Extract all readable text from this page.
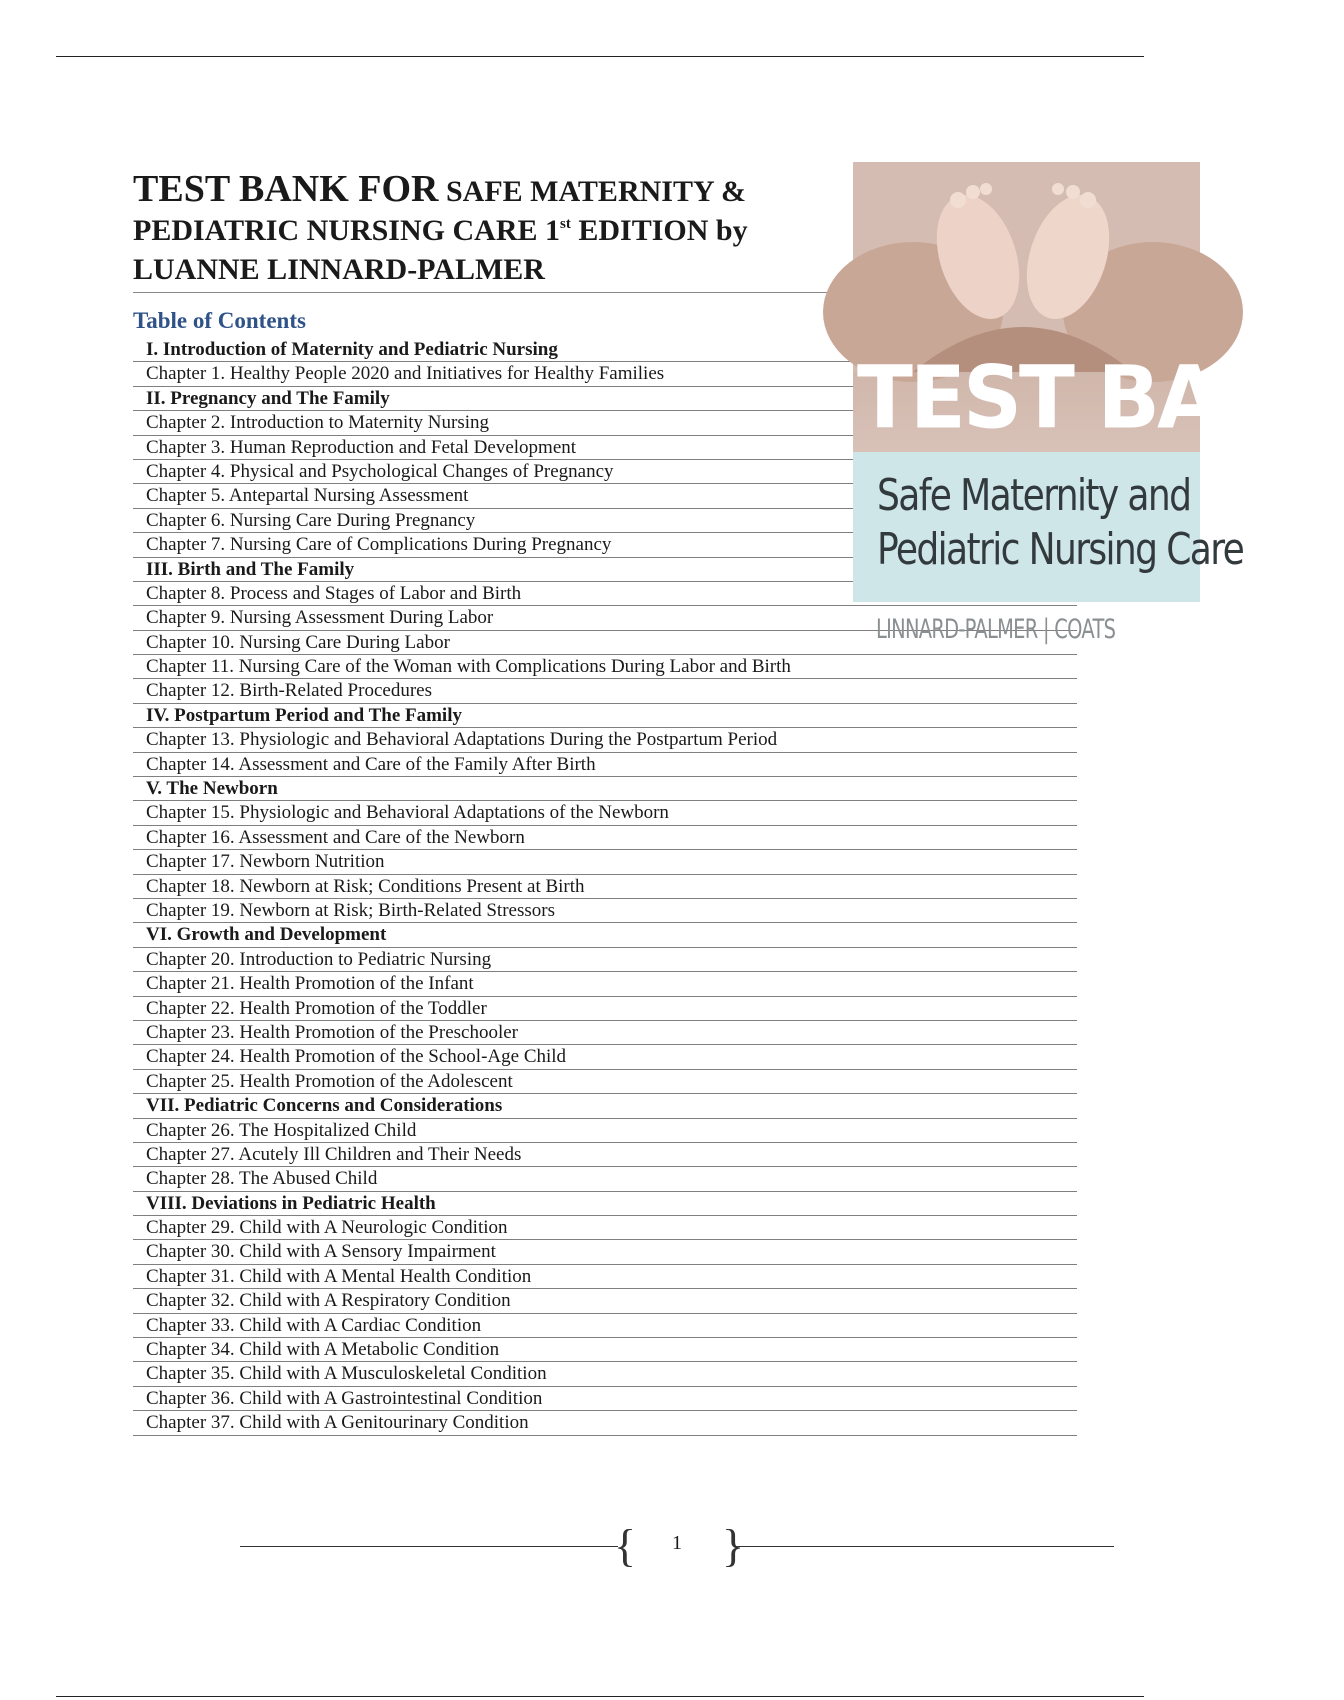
TEST BANK FOR SAFE MATERNITY &
PEDIATRIC NURSING CARE 1st EDITION by
LUANNE LINNARD-PALMER
Table of Contents
I. Introduction of Maternity and Pediatric Nursing
Chapter 1. Healthy People 2020 and Initiatives for Healthy Families
II. Pregnancy and The Family
Chapter 2. Introduction to Maternity Nursing
Chapter 3. Human Reproduction and Fetal Development
Chapter 4. Physical and Psychological Changes of Pregnancy
Chapter 5. Antepartal Nursing Assessment
Chapter 6. Nursing Care During Pregnancy
Chapter 7. Nursing Care of Complications During Pregnancy
III. Birth and The Family
Chapter 8. Process and Stages of Labor and Birth
Chapter 9. Nursing Assessment During Labor
Chapter 10. Nursing Care During Labor
Chapter 11. Nursing Care of the Woman with Complications During Labor and Birth
Chapter 12. Birth-Related Procedures
IV. Postpartum Period and The Family
Chapter 13. Physiologic and Behavioral Adaptations During the Postpartum Period
Chapter 14. Assessment and Care of the Family After Birth
V. The Newborn
Chapter 15. Physiologic and Behavioral Adaptations of the Newborn
Chapter 16. Assessment and Care of the Newborn
Chapter 17. Newborn Nutrition
Chapter 18. Newborn at Risk; Conditions Present at Birth
Chapter 19. Newborn at Risk; Birth-Related Stressors
VI. Growth and Development
Chapter 20. Introduction to Pediatric Nursing
Chapter 21. Health Promotion of the Infant
Chapter 22. Health Promotion of the Toddler
Chapter 23. Health Promotion of the Preschooler
Chapter 24. Health Promotion of the School-Age Child
Chapter 25. Health Promotion of the Adolescent
VII. Pediatric Concerns and Considerations
Chapter 26. The Hospitalized Child
Chapter 27. Acutely Ill Children and Their Needs
Chapter 28. The Abused Child
VIII. Deviations in Pediatric Health
Chapter 29. Child with A Neurologic Condition
Chapter 30. Child with A Sensory Impairment
Chapter 31. Child with A Mental Health Condition
Chapter 32. Child with A Respiratory Condition
Chapter 33. Child with A Cardiac Condition
Chapter 34. Child with A Metabolic Condition
Chapter 35. Child with A Musculoskeletal Condition
Chapter 36. Child with A Gastrointestinal Condition
Chapter 37. Child with A Genitourinary Condition
TEST BANK
Safe Maternity and
Pediatric Nursing Care
LINNARD-PALMER | COATS
{	1 }
